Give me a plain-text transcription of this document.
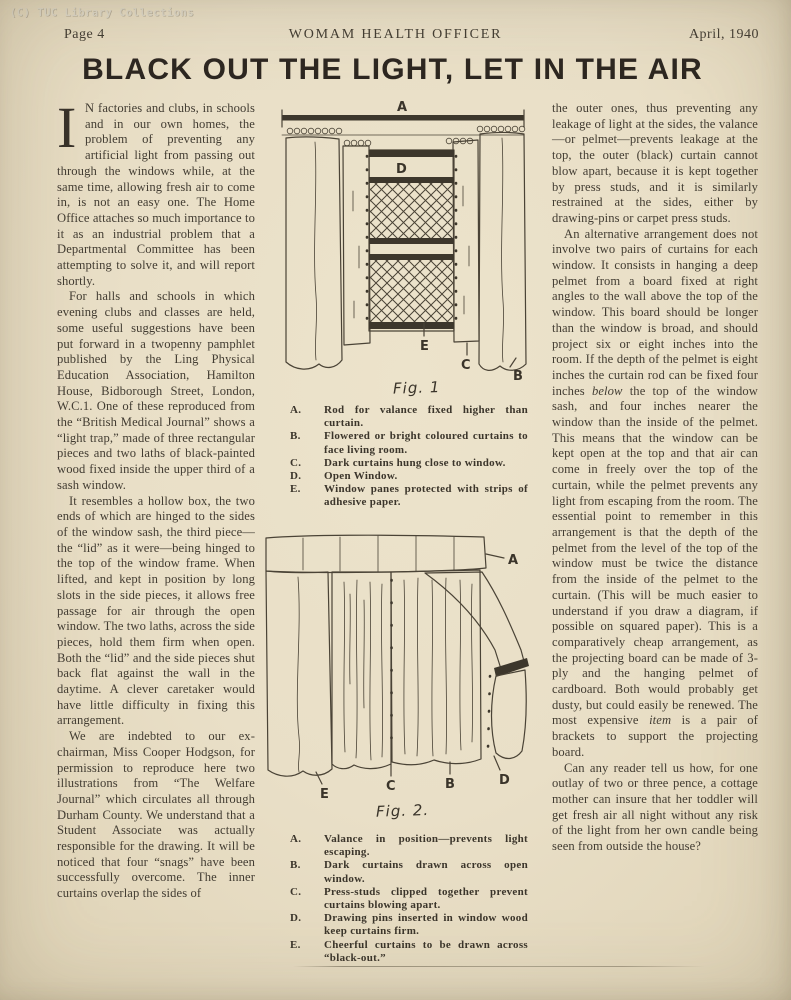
(C) TUC Library Collections
Page 4	WOMAM HEALTH OFFICER	April, 1940
BLACK OUT THE LIGHT, LET IN THE AIR

I N factories and clubs, in schools and in our own homes, the problem of preventing any artificial light from passing out through the windows while, at the same time, allowing fresh air to come in, is not an easy one. The Home Office attaches so much importance to it as an industrial problem that a Departmental Committee has been attempting to solve it, and will report shortly.

For halls and schools in which evening clubs and classes are held, some useful suggestions have been put forward in a twopenny pamphlet published by the Ling Physical Education Association, Hamilton House, Bidborough Street, London, W.C.1. One of these reproduced from the “British Medical Journal” shows a “light trap,” made of three rectangular pieces and two laths of black-painted wood fixed inside the upper third of a sash window.

It resembles a hollow box, the two ends of which are hinged to the sides of the window sash, the third piece—the “lid” as it were—being hinged to the top of the window frame. When lifted, and kept in position by long slots in the side pieces, it allows free passage for air through the open window. The two laths, across the side pieces, hold them firm when open. Both the “lid” and the side pieces shut back flat against the wall in the daytime. A clever caretaker would have little difficulty in fixing this arrangement.

We are indebted to our ex-chairman, Miss Cooper Hodgson, for permission to reproduce here two illustrations from “The Welfare Journal” which circulates all through Durham County. We understand that a Student Associate was actually responsible for the drawing. It will be noticed that four “snags” have been successfully overcome. The inner curtains overlap the sides of

the outer ones, thus preventing any leakage of light at the sides, the valance—or pelmet—prevents leakage at the top, the outer (black) curtain cannot blow apart, because it is kept together by press studs, and it is similarly restrained at the sides, either by drawing-pins or carpet press studs.

An alternative arrangement does not involve two pairs of curtains for each window. It consists in hanging a deep pelmet from a board fixed at right angles to the wall above the top of the window. This board should be longer than the window is broad, and should project six or eight inches into the room. If the depth of the pelmet is eight inches the curtain rod can be fixed four inches below the top of the window sash, and four inches nearer the window than the inside of the pelmet. This means that the window can be kept open at the top and that air can come in freely over the top of the curtain, while the pelmet prevents any light from escaping from the room. The essential point to remember in this arrangement is that the depth of the pelmet from the level of the top of the window must be twice the distance from the inside of the pelmet to the curtain. (This will be much easier to understand if you draw a diagram, if possible on squared paper). This is a comparatively cheap arrangement, as the projecting board can be made of 3-ply and the hanging pelmet of cardboard. Both would probably get dusty, but could easily be renewed. The most expensive item is a pair of brackets to support the projecting board.

Can any reader tell us how, for one outlay of two or three pence, a cottage mother can insure that her toddler will get fresh air all night without any risk of the light from her own candle being seen from outside the house?

A
D
E
C
B
Fig. 1
A.	Rod for valance fixed higher than curtain.
B.	Flowered or bright coloured curtains to face living room.
C.	Dark curtains hung close to window.
D.	Open Window.
E.	Window panes protected with strips of adhesive paper.
A
E
C	B	D
Fig. 2.
A.	Valance in position—prevents light escaping.
B.	Dark curtains drawn across open window.
C.	Press-studs clipped together prevent curtains blowing apart.
D.	Drawing pins inserted in window wood keep curtains firm.
E.	Cheerful curtains to be drawn across “black-out.”
